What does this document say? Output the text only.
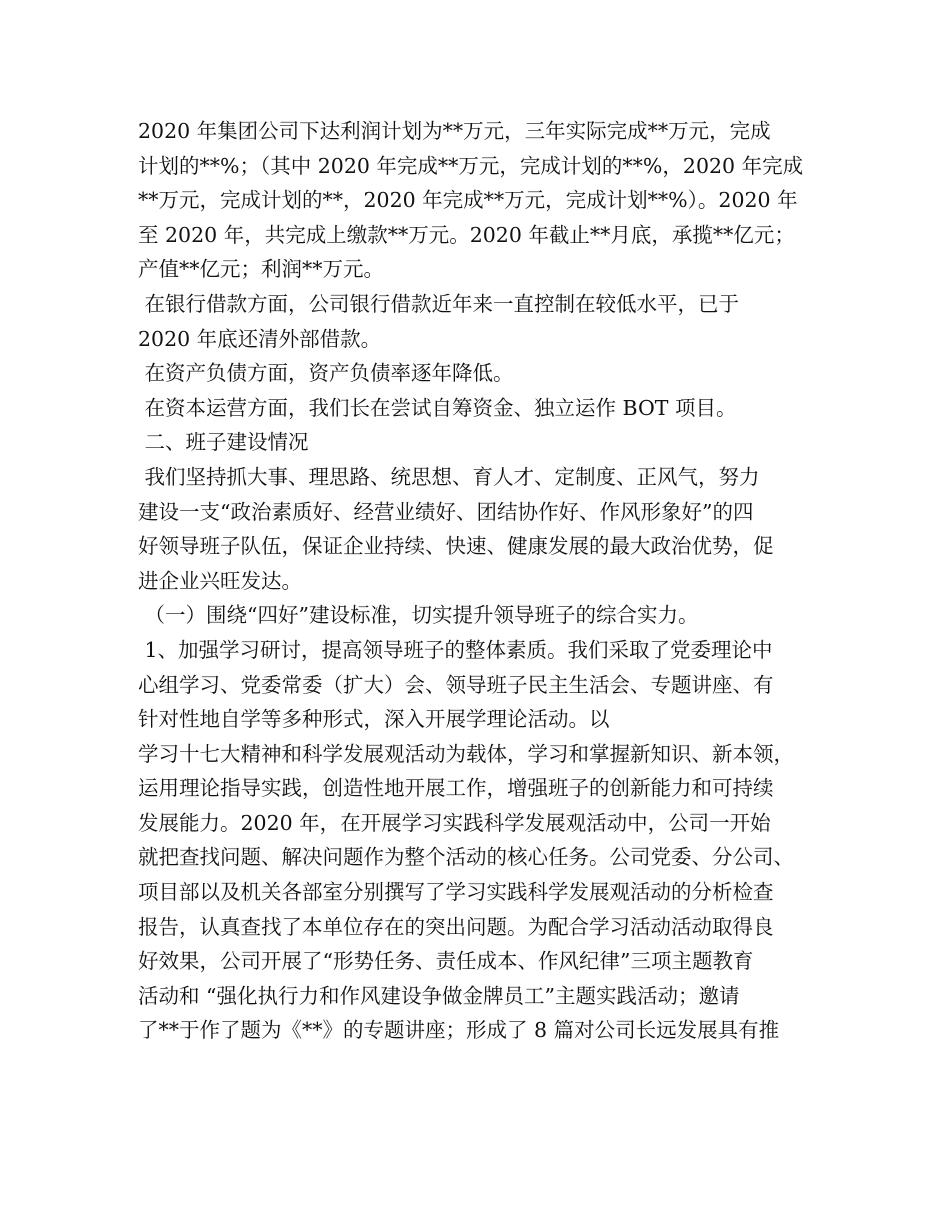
2020 年集团公司下达利润计划为**万元，三年实际完成**万元，完成
计划的**%；（其中 2020 年完成**万元，完成计划的**%，2020 年完成
**万元，完成计划的**，2020 年完成**万元，完成计划**%）。2020 年
至 2020 年，共完成上缴款**万元。2020 年截止**月底，承揽**亿元；
产值**亿元；利润**万元。
在银行借款方面，公司银行借款近年来一直控制在较低水平，已于
2020 年底还清外部借款。
在资产负债方面，资产负债率逐年降低。
在资本运营方面，我们长在尝试自筹资金、独立运作 BOT 项目。
二、班子建设情况
我们坚持抓大事、理思路、统思想、育人才、定制度、正风气，努力
建设一支“政治素质好、经营业绩好、团结协作好、作风形象好”的四
好领导班子队伍，保证企业持续、快速、健康发展的最大政治优势，促
进企业兴旺发达。
（一）围绕“四好”建设标准，切实提升领导班子的综合实力。
1、加强学习研讨，提高领导班子的整体素质。我们采取了党委理论中
心组学习、党委常委（扩大）会、领导班子民主生活会、专题讲座、有
针对性地自学等多种形式，深入开展学理论活动。以
学习十七大精神和科学发展观活动为载体，学习和掌握新知识、新本领，
运用理论指导实践，创造性地开展工作，增强班子的创新能力和可持续
发展能力。2020 年，在开展学习实践科学发展观活动中，公司一开始
就把查找问题、解决问题作为整个活动的核心任务。公司党委、分公司、
项目部以及机关各部室分别撰写了学习实践科学发展观活动的分析检查
报告，认真查找了本单位存在的突出问题。为配合学习活动活动取得良
好效果，公司开展了“形势任务、责任成本、作风纪律”三项主题教育
活动和 “强化执行力和作风建设争做金牌员工”主题实践活动；邀请
了**于作了题为《**》的专题讲座；形成了 8 篇对公司长远发展具有推
